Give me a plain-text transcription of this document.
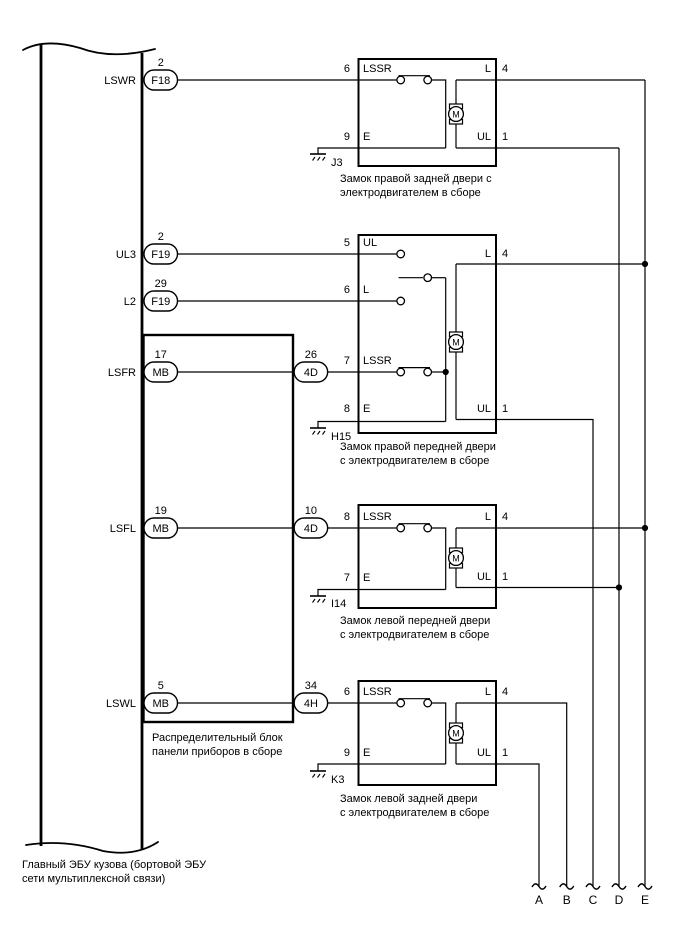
F18
2
F19
2
F19
29
MB
17
MB
19
MB
5
4D
26
4D
10
4H
34
M
M
M
M
J3
H15
I14
K3
A B C D E
LSWR
UL3
L2
LSFR
LSFL
LSWL
6 LSSR	L 4
9 E	UL 1
5 UL
6 L
7 LSSR
8 E
L 4
UL 1
8 LSSR
7 E
L 4
UL 1
6 LSSR
9 E
L 4
UL 1
Замок правой задней двери с
электродвигателем в сборе
Замок правой передней двери
с электродвигателем в сборе
Замок левой передней двери
с электродвигателем в сборе
Замок левой задней двери
с электродвигателем в сборе
Распределительный блок
панели приборов в сборе
Главный ЭБУ кузова (бортовой ЭБУ
сети мультиплексной связи)
